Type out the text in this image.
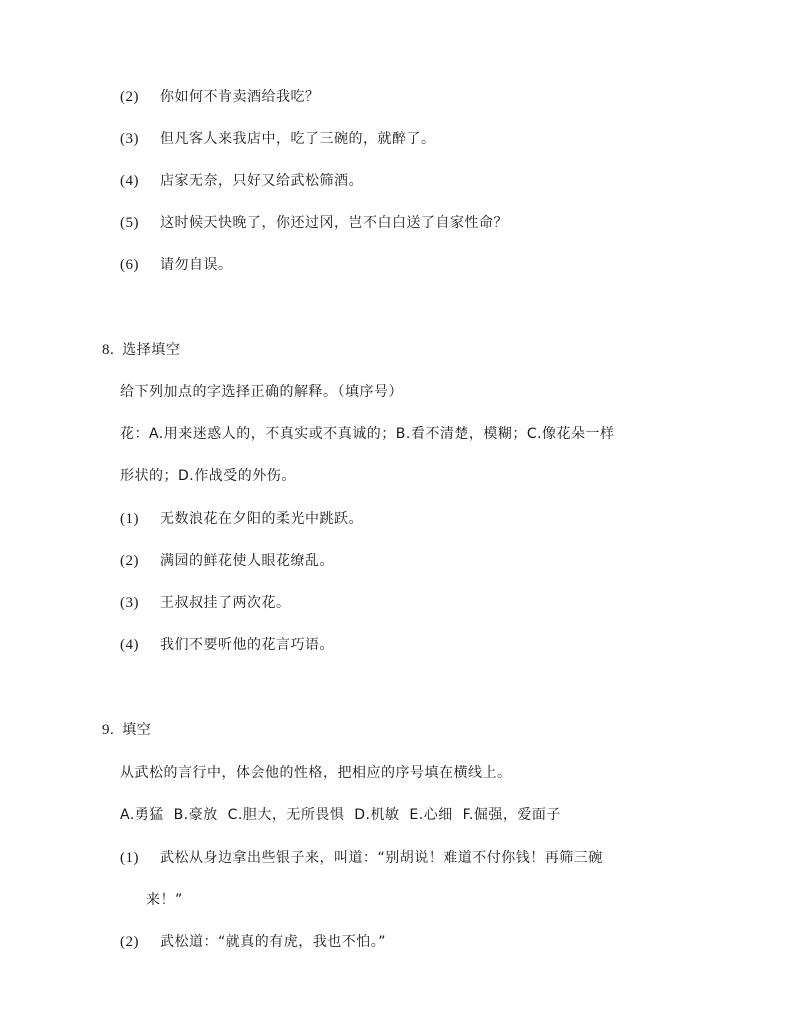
(2) 你如何不肯卖酒给我吃？
(3) 但凡客人来我店中，吃了三碗的，就醉了。
(4) 店家无奈，只好又给武松筛酒。
(5) 这时候天快晚了，你还过冈，岂不白白送了自家性命？
(6) 请勿自误。
8. 选择填空
给下列加点的字选择正确的解释。（填序号）
花：A.用来迷惑人的，不真实或不真诚的；B.看不清楚，模糊；C.像花朵一样
形状的；D.作战受的外伤。
(1) 无数浪花在夕阳的柔光中跳跃。
(2) 满园的鲜花使人眼花缭乱。
(3) 王叔叔挂了两次花。
(4) 我们不要听他的花言巧语。
9. 填空
从武松的言行中，体会他的性格，把相应的序号填在横线上。
A.勇猛  B.豪放  C.胆大，无所畏惧  D.机敏  E.心细  F.倔强，爱面子
(1) 武松从身边拿出些银子来，叫道：“别胡说！难道不付你钱！再筛三碗
来！”
(2) 武松道：“就真的有虎，我也不怕。”
